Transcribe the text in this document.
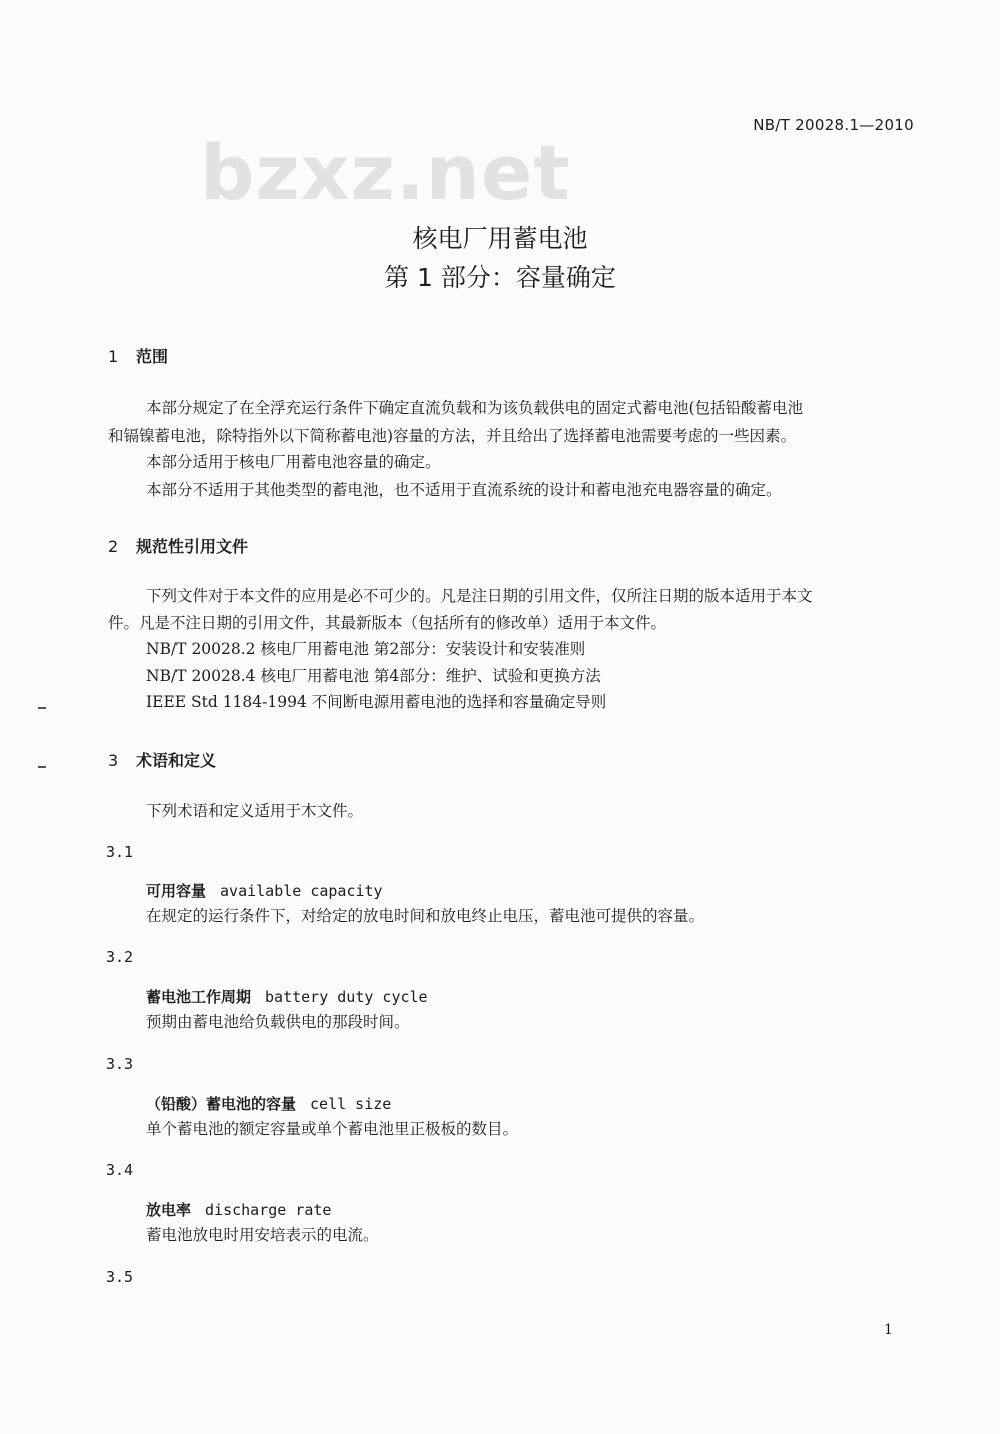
bzxz.net
NB/T 20028.1—2010
核电厂用蓄电池
第 1 部分：容量确定
1 范围
本部分规定了在全浮充运行条件下确定直流负载和为该负载供电的固定式蓄电池(包括铅酸蓄电池
和镉镍蓄电池，除特指外以下简称蓄电池)容量的方法，并且给出了选择蓄电池需要考虑的一些因素。
本部分适用于核电厂用蓄电池容量的确定。
本部分不适用于其他类型的蓄电池，也不适用于直流系统的设计和蓄电池充电器容量的确定。
2 规范性引用文件
下列文件对于本文件的应用是必不可少的。凡是注日期的引用文件，仅所注日期的版本适用于本文
件。凡是不注日期的引用文件，其最新版本（包括所有的修改单）适用于本文件。
NB/T 20028.2 核电厂用蓄电池 第2部分：安装设计和安装准则
NB/T 20028.4 核电厂用蓄电池 第4部分：维护、试验和更换方法
IEEE Std 1184-1994 不间断电源用蓄电池的选择和容量确定导则
3 术语和定义
下列术语和定义适用于木文件。
3.1
可用容量 available capacity
在规定的运行条件下，对给定的放电时间和放电终止电压，蓄电池可提供的容量。
3.2
蓄电池工作周期 battery duty cycle
预期由蓄电池给负载供电的那段时间。
3.3
（铅酸）蓄电池的容量 cell size
单个蓄电池的额定容量或单个蓄电池里正极板的数目。
3.4
放电率 discharge rate
蓄电池放电时用安培表示的电流。
3.5
1
